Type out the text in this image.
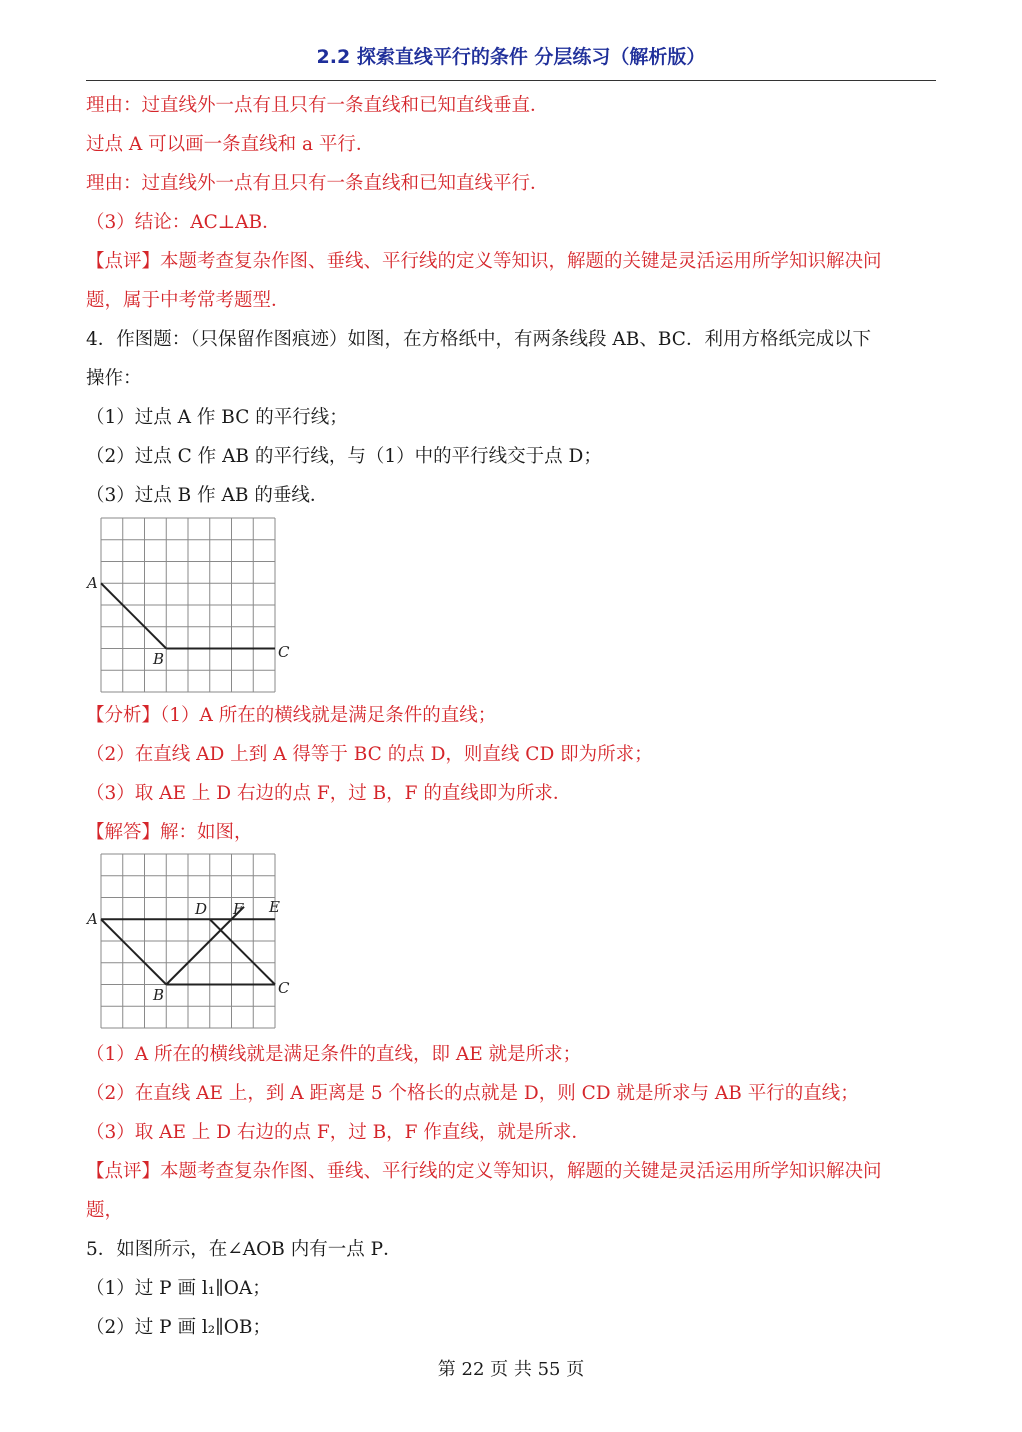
2.2 探索直线平行的条件 分层练习（解析版）
理由：过直线外一点有且只有一条直线和已知直线垂直．
过点 A 可以画一条直线和 a 平行．
理由：过直线外一点有且只有一条直线和已知直线平行．
（3）结论：AC⊥AB．
【点评】本题考查复杂作图、垂线、平行线的定义等知识，解题的关键是灵活运用所学知识解决问
题，属于中考常考题型．
4．作图题：（只保留作图痕迹）如图，在方格纸中，有两条线段 AB、BC．利用方格纸完成以下
操作：
（1）过点 A 作 BC 的平行线；
（2）过点 C 作 AB 的平行线，与（1）中的平行线交于点 D；
（3）过点 B 作 AB 的垂线．
A
B	C
【分析】（1）A 所在的横线就是满足条件的直线；
（2）在直线 AD 上到 A 得等于 BC 的点 D，则直线 CD 即为所求；
（3）取 AE 上 D 右边的点 F，过 B，F 的直线即为所求．
【解答】解：如图，
A
D F E
B	C
（1）A 所在的横线就是满足条件的直线，即 AE 就是所求；
（2）在直线 AE 上，到 A 距离是 5 个格长的点就是 D，则 CD 就是所求与 AB 平行的直线；
（3）取 AE 上 D 右边的点 F，过 B，F 作直线，就是所求．
【点评】本题考查复杂作图、垂线、平行线的定义等知识，解题的关键是灵活运用所学知识解决问
题，
5．如图所示，在∠AOB 内有一点 P．
（1）过 P 画 l₁∥OA；
（2）过 P 画 l₂∥OB；
第 22 页 共 55 页
